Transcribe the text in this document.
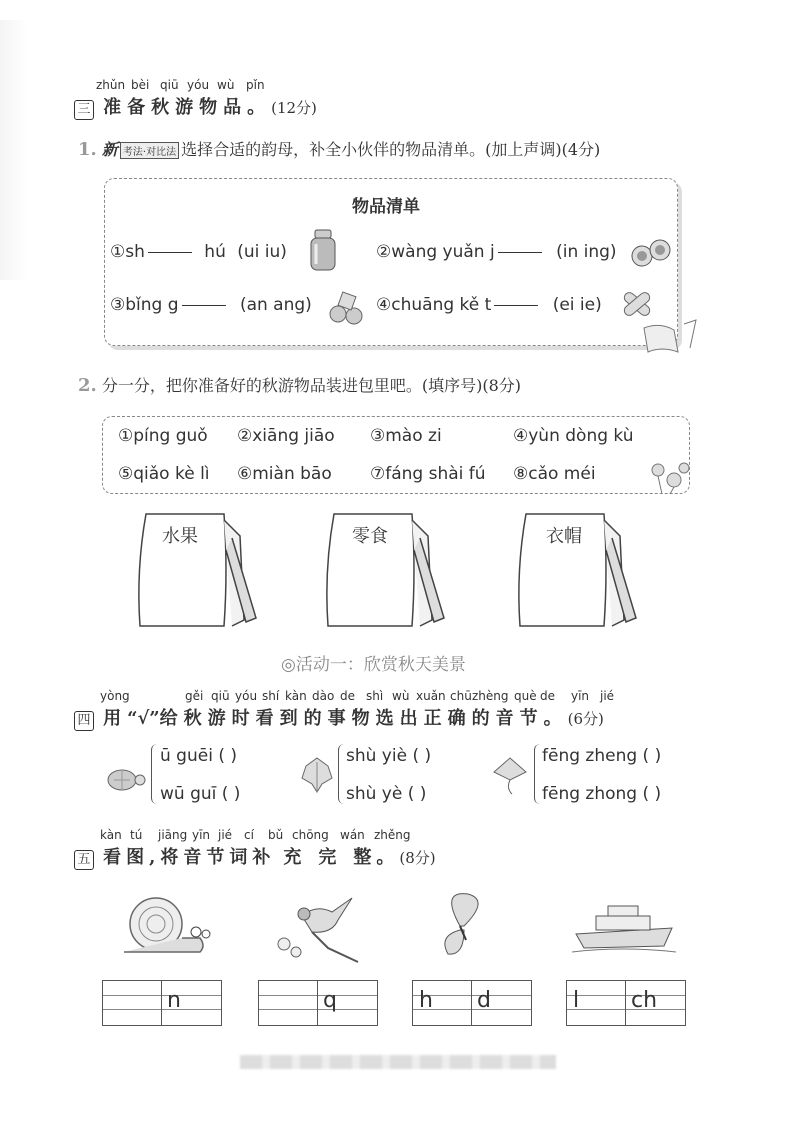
zhǔn bèi qiū yóu wù pǐn
三 准备秋游物品。(12分)
1. 新 考法·对比法 选择合适的韵母，补全小伙伴的物品清单。(加上声调)(4分)
物品清单
①sh	hú (ui iu)	②wàng yuǎn j	(in ing)
③bǐng g	(an ang)	④chuāng kě t	(ei ie)
2. 分一分，把你准备好的秋游物品装进包里吧。(填序号)(8分)
①píng guǒ ②xiāng jiāo ③mào zi	④yùn dòng kù
⑤qiǎo kè lì ⑥miàn bāo ⑦fáng shài fú ⑧cǎo méi
水果	零食	衣帽
◎活动一：欣赏秋天美景
yòng	gěi qiū yóu shí kàn dào de shì wù xuǎn chū zhèng què de yīn jié
四 用“√”给秋游时看到的事物选出正确的音节。(6分)
ū guēi ( )
wū guī ( )
shù yiè ( )
shù yè ( )
fēng zheng ( )
fēng zhong ( )
kàn tú jiāng yīn jié cí bǔ chōng wán zhěng
五 看图,将音节词补 充 完 整。(8分)
n	q	h d	l ch
